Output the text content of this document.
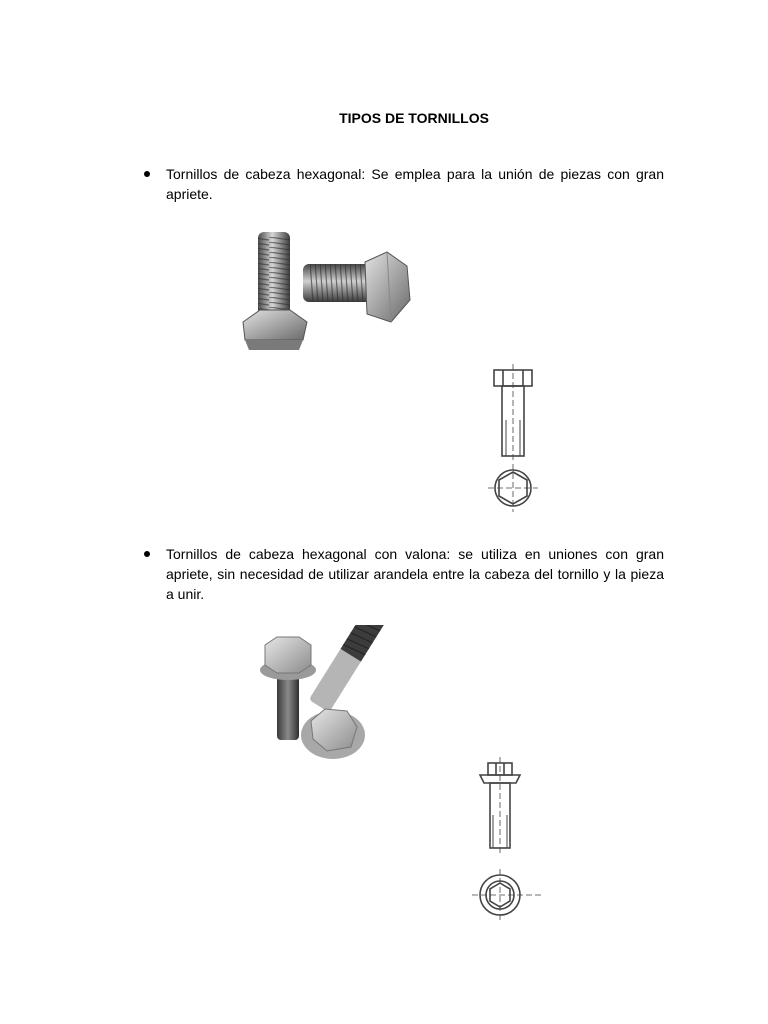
TIPOS DE TORNILLOS
Tornillos de cabeza hexagonal: Se emplea para la unión de piezas con gran apriete.
Tornillos de cabeza hexagonal con valona: se utiliza en uniones con gran apriete, sin necesidad de utilizar arandela entre la cabeza del tornillo y la pieza a unir.
